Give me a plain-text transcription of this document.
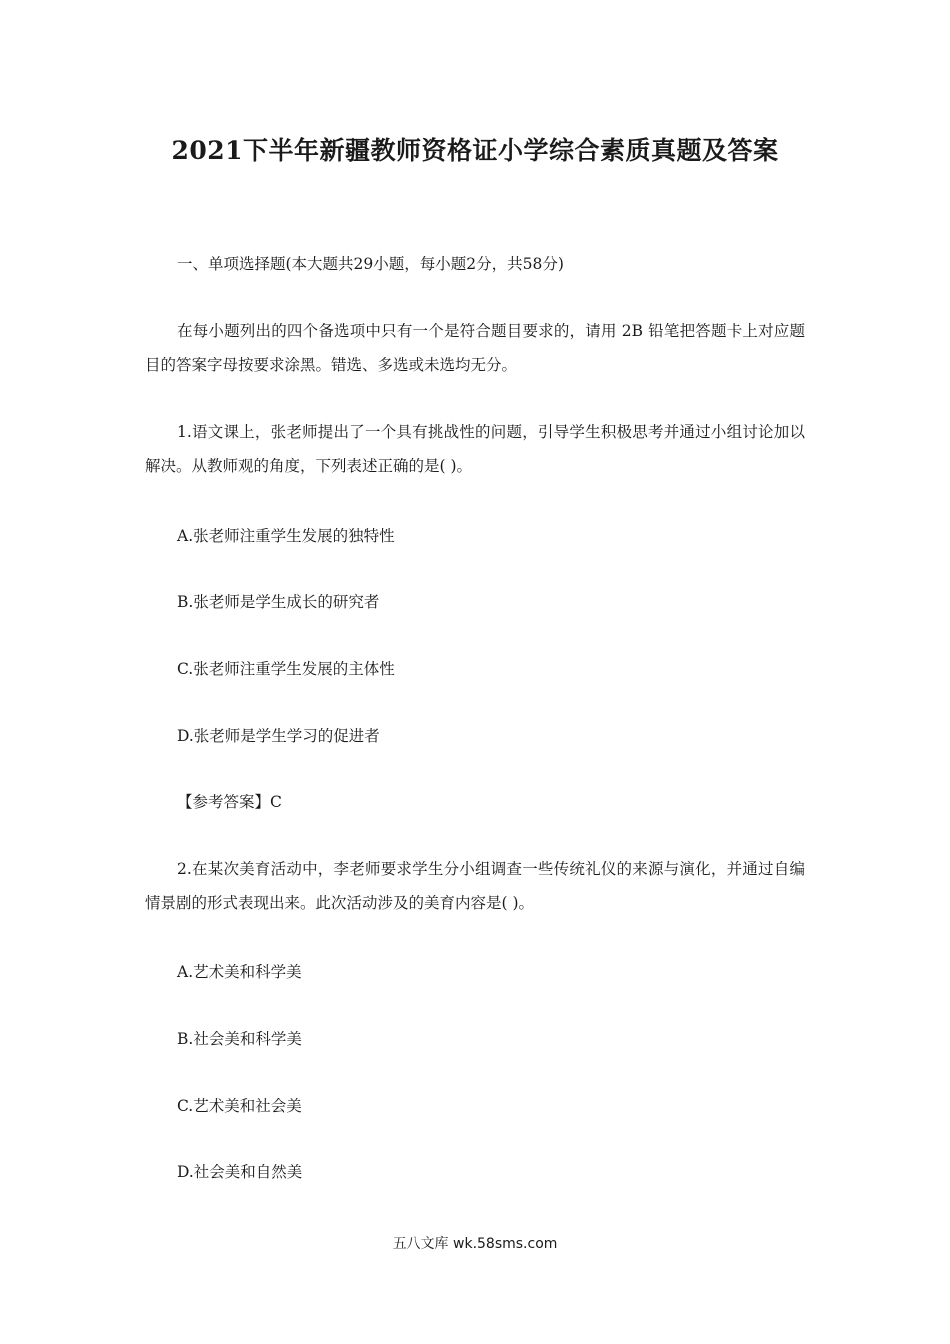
2021下半年新疆教师资格证小学综合素质真题及答案

一、单项选择题(本大题共29小题，每小题2分，共58分)

在每小题列出的四个备选项中只有一个是符合题目要求的，请用 2B 铅笔把答题卡上对应题目的答案字母按要求涂黑。错选、多选或未选均无分。

1.语文课上，张老师提出了一个具有挑战性的问题，引导学生积极思考并通过小组讨论加以解决。从教师观的角度，下列表述正确的是( )。

A.张老师注重学生发展的独特性

B.张老师是学生成长的研究者

C.张老师注重学生发展的主体性

D.张老师是学生学习的促进者

【参考答案】C

2.在某次美育活动中，李老师要求学生分小组调查一些传统礼仪的来源与演化，并通过自编情景剧的形式表现出来。此次活动涉及的美育内容是( )。

A.艺术美和科学美

B.社会美和科学美

C.艺术美和社会美

D.社会美和自然美

五八文库 wk.58sms.com
